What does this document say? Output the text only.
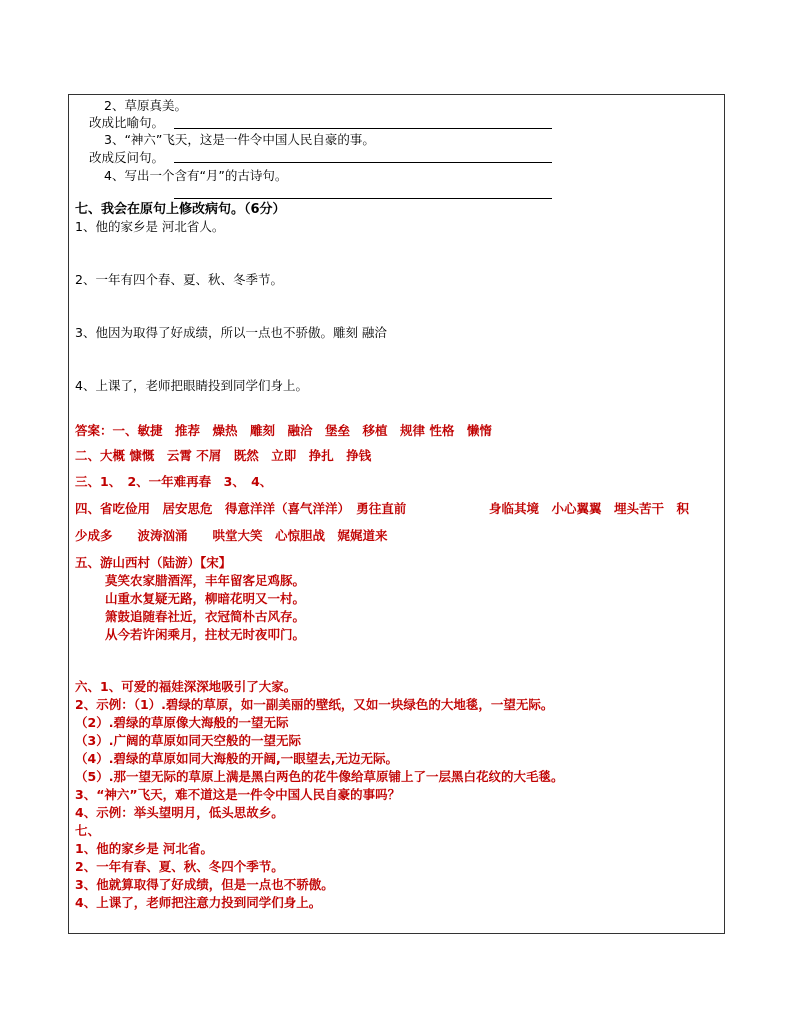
2、草原真美。
改成比喻句。
3、“神六”飞天，这是一件令中国人民自豪的事。
改成反问句。
4、写出一个含有“月”的古诗句。
七、我会在原句上修改病句。（6分）
1、他的家乡是 河北省人。
2、一年有四个春、夏、秋、冬季节。
3、他因为取得了好成绩，所以一点也不骄傲。雕刻 融洽
4、上课了，老师把眼睛投到同学们身上。
答案：一、敏捷　推荐　燥热　雕刻　融洽　堡垒　移植　规律 性格　懒惰
二、大概 慷慨　云霄 不屑　既然　立即　挣扎　挣钱
三、1、　2、一年难再春　3、　4、
四、省吃俭用　居安思危　得意洋洋（喜气洋洋）　勇往直前	身临其境　小心翼翼　埋头苦干　积
少成多　　波涛汹涌　　哄堂大笑　心惊胆战　娓娓道来
五、游山西村（陆游）【宋】
莫笑农家腊酒浑，丰年留客足鸡豚。
山重水复疑无路，柳暗花明又一村。
箫鼓追随春社近，衣冠简朴古风存。
从今若许闲乘月，拄杖无时夜叩门。
六、1、可爱的福娃深深地吸引了大家。
2、示例：（1）.碧绿的草原，如一副美丽的壁纸，又如一块绿色的大地毯，一望无际。
（2）.碧绿的草原像大海般的一望无际
（3）.广阔的草原如同天空般的一望无际
（4）.碧绿的草原如同大海般的开阔,一眼望去,无边无际。
（5）.那一望无际的草原上满是黑白两色的花牛像给草原铺上了一层黑白花纹的大毛毯。
3、“神六”飞天，难不道这是一件令中国人民自豪的事吗？
4、示例：举头望明月，低头思故乡。
七、
1、他的家乡是 河北省。
2、一年有春、夏、秋、冬四个季节。
3、他就算取得了好成绩，但是一点也不骄傲。
4、上课了，老师把注意力投到同学们身上。
